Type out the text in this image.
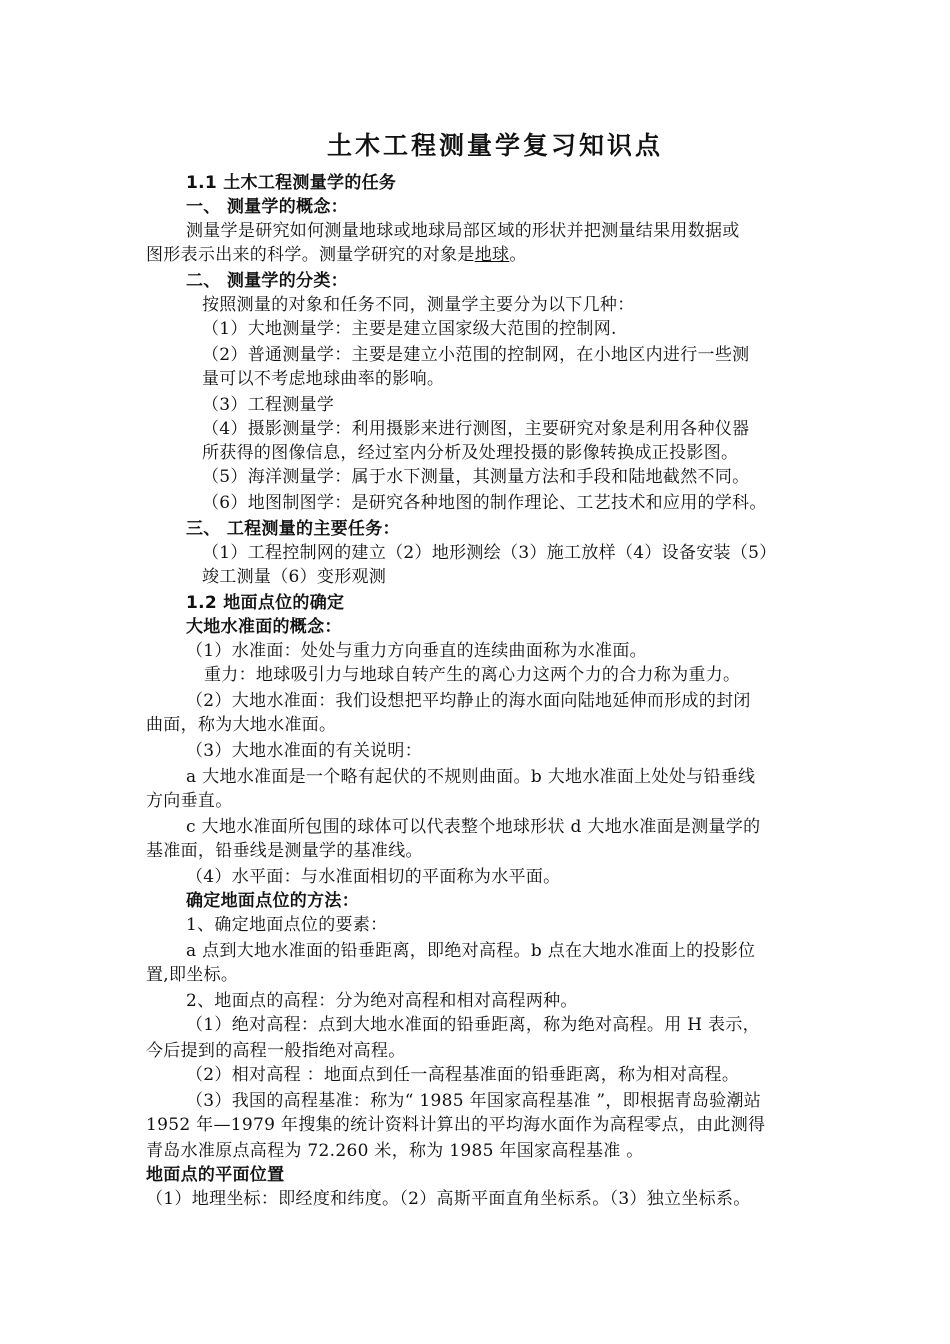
土木工程测量学复习知识点

1.1 土木工程测量学的任务

一、 测量学的概念：

测量学是研究如何测量地球或地球局部区域的形状并把测量结果用数据或

图形表示出来的科学。测量学研究的对象是地球。

二、 测量学的分类：

按照测量的对象和任务不同，测量学主要分为以下几种：

（1）大地测量学：主要是建立国家级大范围的控制网.

（2）普通测量学：主要是建立小范围的控制网，在小地区内进行一些测

量可以不考虑地球曲率的影响。

（3）工程测量学

（4）摄影测量学：利用摄影来进行测图，主要研究对象是利用各种仪器

所获得的图像信息，经过室内分析及处理投摄的影像转换成正投影图。

（5）海洋测量学：属于水下测量，其测量方法和手段和陆地截然不同。

（6）地图制图学：是研究各种地图的制作理论、工艺技术和应用的学科。

三、 工程测量的主要任务：

（1）工程控制网的建立（2）地形测绘（3）施工放样（4）设备安装（5）

竣工测量（6）变形观测

1.2 地面点位的确定

大地水准面的概念：

（1）水准面：处处与重力方向垂直的连续曲面称为水准面。

重力：地球吸引力与地球自转产生的离心力这两个力的合力称为重力。

（2）大地水准面：我们设想把平均静止的海水面向陆地延伸而形成的封闭

曲面，称为大地水准面。

（3）大地水准面的有关说明：

a 大地水准面是一个略有起伏的不规则曲面。b 大地水准面上处处与铅垂线

方向垂直。

c 大地水准面所包围的球体可以代表整个地球形状 d 大地水准面是测量学的

基准面，铅垂线是测量学的基准线。

（4）水平面：与水准面相切的平面称为水平面。

确定地面点位的方法：

1、确定地面点位的要素：

a 点到大地水准面的铅垂距离，即绝对高程。b 点在大地水准面上的投影位

置,即坐标。

2、地面点的高程：分为绝对高程和相对高程两种。

（1）绝对高程：点到大地水准面的铅垂距离，称为绝对高程。用 H 表示，

今后提到的高程一般指绝对高程。

（2）相对高程 ：地面点到任一高程基准面的铅垂距离，称为相对高程。

（3）我国的高程基准：称为“ 1985 年国家高程基准 ”，即根据青岛验潮站

1952 年—1979 年搜集的统计资料计算出的平均海水面作为高程零点，由此测得

青岛水准原点高程为 72.260 米，称为 1985 年国家高程基准 。

地面点的平面位置

（1）地理坐标：即经度和纬度。（2）高斯平面直角坐标系。（3）独立坐标系。
